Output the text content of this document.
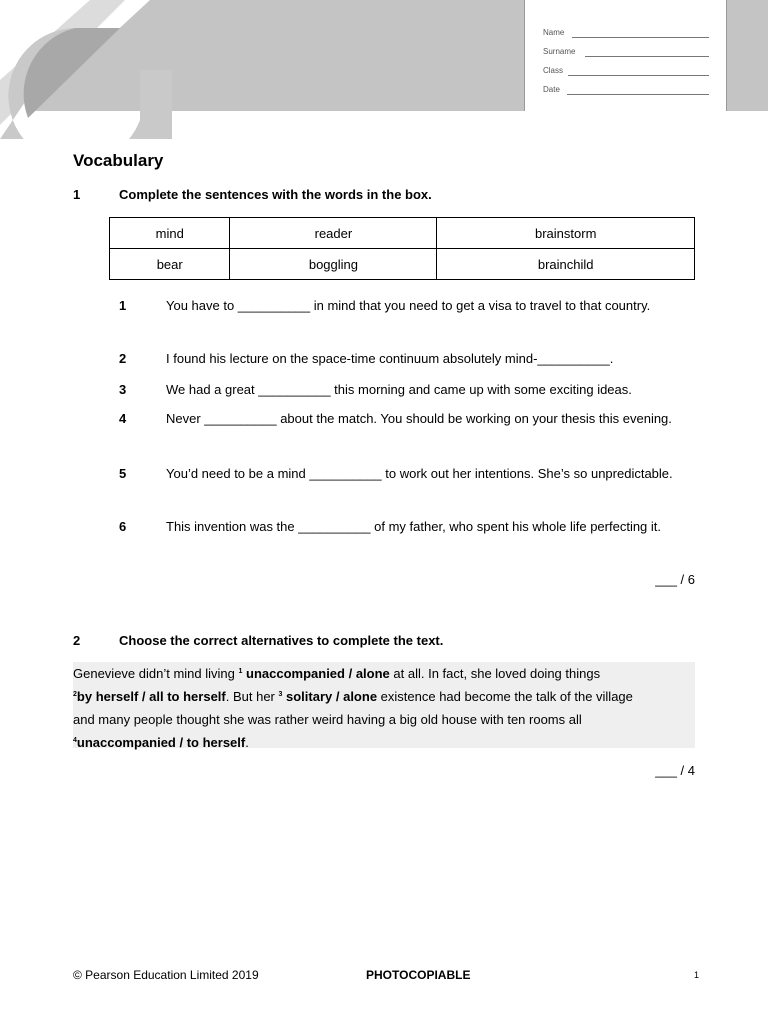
Name
Surname
Class
Date
Vocabulary
1	Complete the sentences with the words in the box.
mind	reader	brainstorm
bear	boggling	brainchild
1	You have to __________ in mind that you need to get a visa to travel to that country.
2	I found his lecture on the space-time continuum absolutely mind-__________.
3	We had a great __________ this morning and came up with some exciting ideas.
4	Never __________ about the match. You should be working on your thesis this evening.
5	You’d need to be a mind __________ to work out her intentions. She’s so unpredictable.
6	This invention was the __________ of my father, who spent his whole life perfecting it.
___ / 6
2	Choose the correct alternatives to complete the text.
Genevieve didn’t mind living $^1$ unaccompanied / alone at all. In fact, she loved doing things
$^2$by herself / all to herself. But her $^3$ solitary / alone existence had become the talk of the village
and many people thought she was rather weird having a big old house with ten rooms all
$^4$unaccompanied / to herself.
___ / 4
© Pearson Education Limited 2019	PHOTOCOPIABLE	1
